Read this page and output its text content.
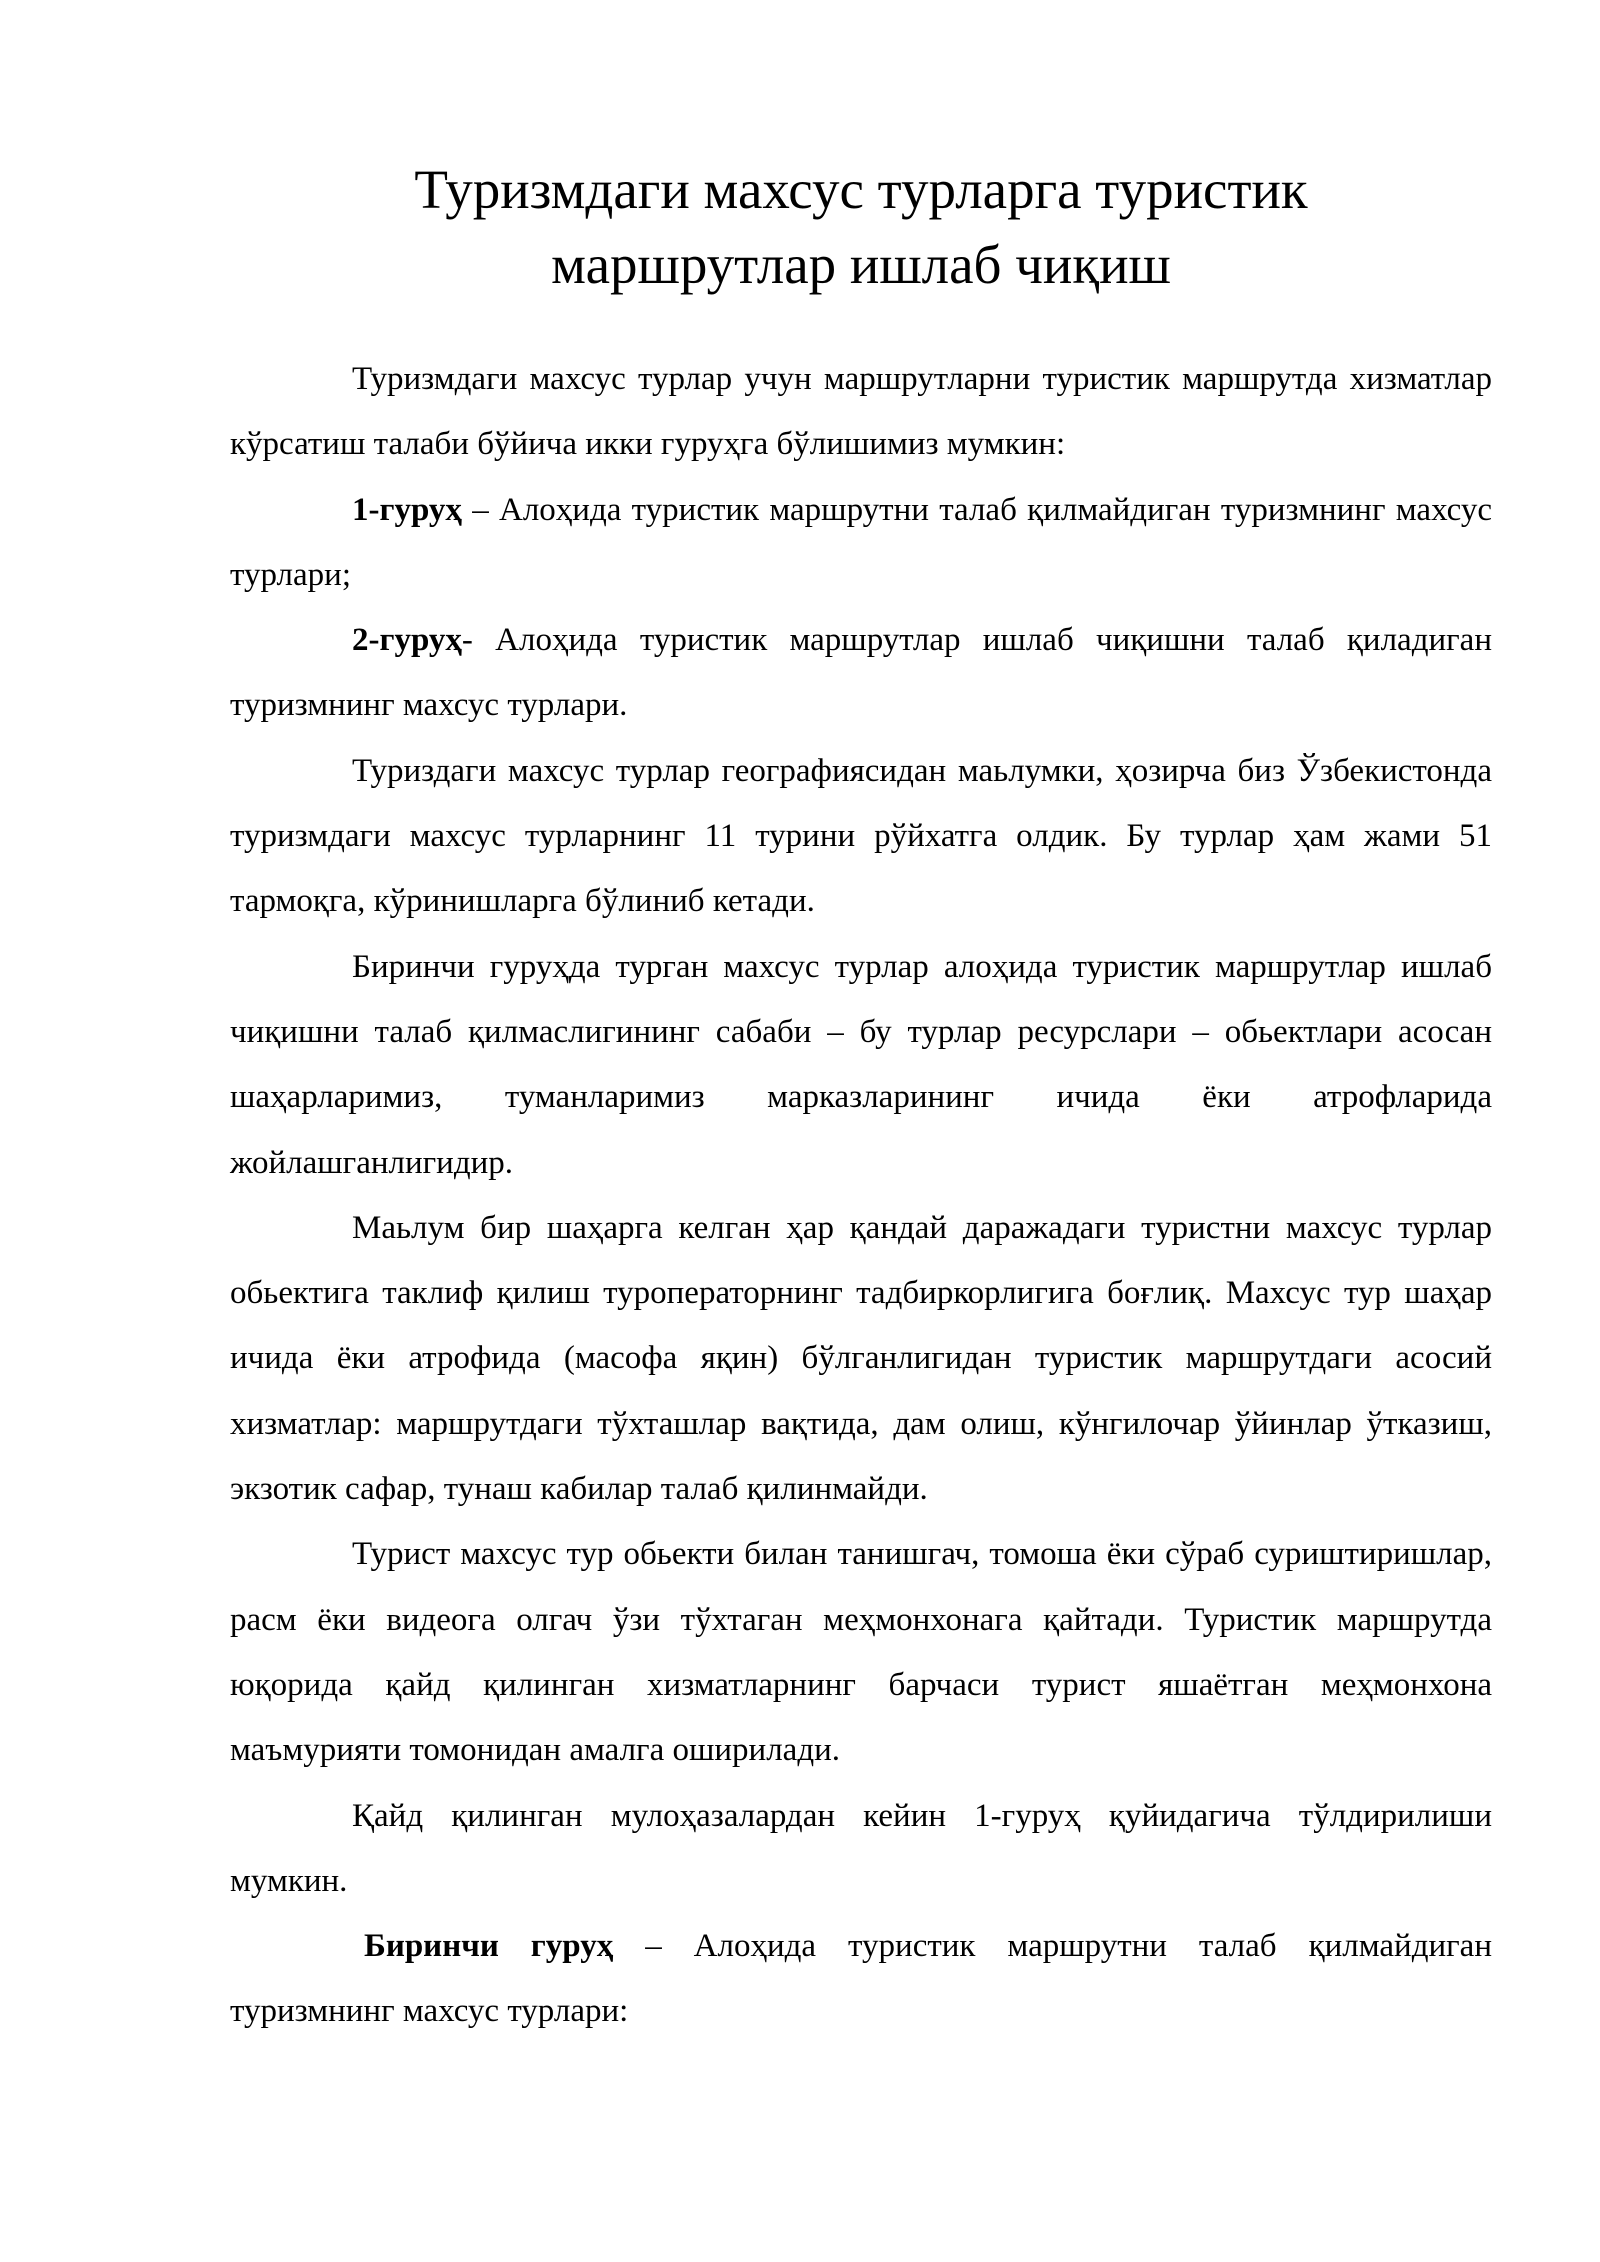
Туризмдаги махсус турларга туристик
маршрутлар ишлаб чиқиш

Туризмдаги махсус турлар учун маршрутларни туристик маршрутда хизматлар кўрсатиш талаби бўйича икки гуруҳга бўлишимиз мумкин:

1-гуруҳ – Алоҳида туристик маршрутни талаб қилмайдиган туризмнинг махсус турлари;

2-гуруҳ- Алоҳида туристик маршрутлар ишлаб чиқишни талаб қиладиган туризмнинг махсус турлари.

Туриздаги махсус турлар географиясидан маьлумки, ҳозирча биз Ўзбекистонда туризмдаги махсус турларнинг 11 турини рўйхатга олдик. Бу турлар ҳам жами 51 тармоқга, кўринишларга бўлиниб кетади.

Биринчи гуруҳда турган махсус турлар алоҳида туристик маршрутлар ишлаб чиқишни талаб қилмаслигининг сабаби – бу турлар ресурслари – обьектлари асосан шаҳарларимиз, туманларимиз марказларининг ичида ёки атрофларида жойлашганлигидир.

Маьлум бир шаҳарга келган ҳар қандай даражадаги туристни махсус турлар обьектига таклиф қилиш туроператорнинг тадбиркорлигига боғлиқ. Махсус тур шаҳар ичида ёки атрофида (масофа яқин) бўлганлигидан туристик маршрутдаги асосий хизматлар: маршрутдаги тўхташлар вақтида, дам олиш, кўнгилочар ўйинлар ўтказиш, экзотик сафар, тунаш кабилар талаб қилинмайди.

Турист махсус тур обьекти билан танишгач, томоша ёки сўраб суриштиришлар, расм ёки видеога олгач ўзи тўхтаган меҳмонхонага қайтади. Туристик маршрутда юқорида қайд қилинган хизматларнинг барчаси турист яшаётган меҳмонхона маъмурияти томонидан амалга оширилади.

Қайд қилинган мулоҳазалардан кейин 1-гуруҳ қуйидагича тўлдирилиши мумкин.

Биринчи гуруҳ – Алоҳида туристик маршрутни талаб қилмайдиган туризмнинг махсус турлари:
